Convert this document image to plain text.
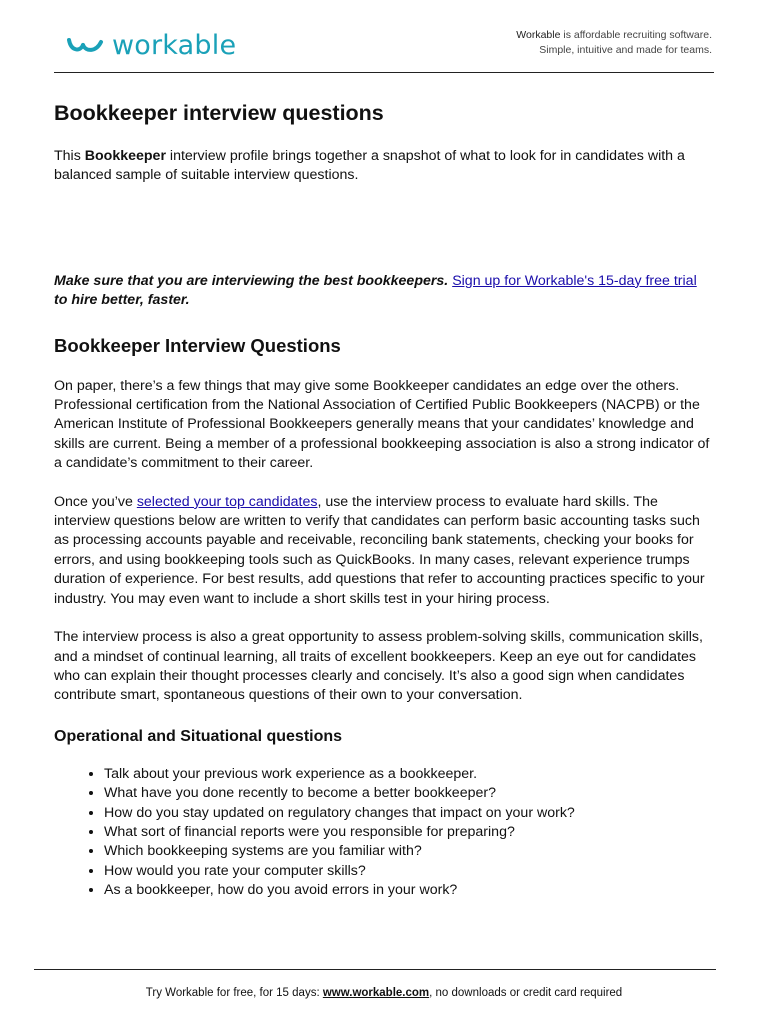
workable	Workable is affordable recruiting software.
Simple, intuitive and made for teams.
Bookkeeper interview questions

This Bookkeeper interview profile brings together a snapshot of what to look for in candidates with a balanced sample of suitable interview questions.

Make sure that you are interviewing the best bookkeepers. Sign up for Workable's 15-day free trial to hire better, faster.

Bookkeeper Interview Questions

On paper, there’s a few things that may give some Bookkeeper candidates an edge over the others. Professional certification from the National Association of Certified Public Bookkeepers (NACPB) or the American Institute of Professional Bookkeepers generally means that your candidates’ knowledge and skills are current. Being a member of a professional bookkeeping association is also a strong indicator of a candidate’s commitment to their career.

Once you’ve selected your top candidates, use the interview process to evaluate hard skills. The interview questions below are written to verify that candidates can perform basic accounting tasks such as processing accounts payable and receivable, reconciling bank statements, checking your books for errors, and using bookkeeping tools such as QuickBooks. In many cases, relevant experience trumps duration of experience. For best results, add questions that refer to accounting practices specific to your industry. You may even want to include a short skills test in your hiring process.

The interview process is also a great opportunity to assess problem-solving skills, communication skills, and a mindset of continual learning, all traits of excellent bookkeepers. Keep an eye out for candidates who can explain their thought processes clearly and concisely. It’s also a good sign when candidates contribute smart, spontaneous questions of their own to your conversation.

Operational and Situational questions
• Talk about your previous work experience as a bookkeeper.
• What have you done recently to become a better bookkeeper?
• How do you stay updated on regulatory changes that impact on your work?
• What sort of financial reports were you responsible for preparing?
• Which bookkeeping systems are you familiar with?
• How would you rate your computer skills?
• As a bookkeeper, how do you avoid errors in your work?
Try Workable for free, for 15 days: www.workable.com, no downloads or credit card required
